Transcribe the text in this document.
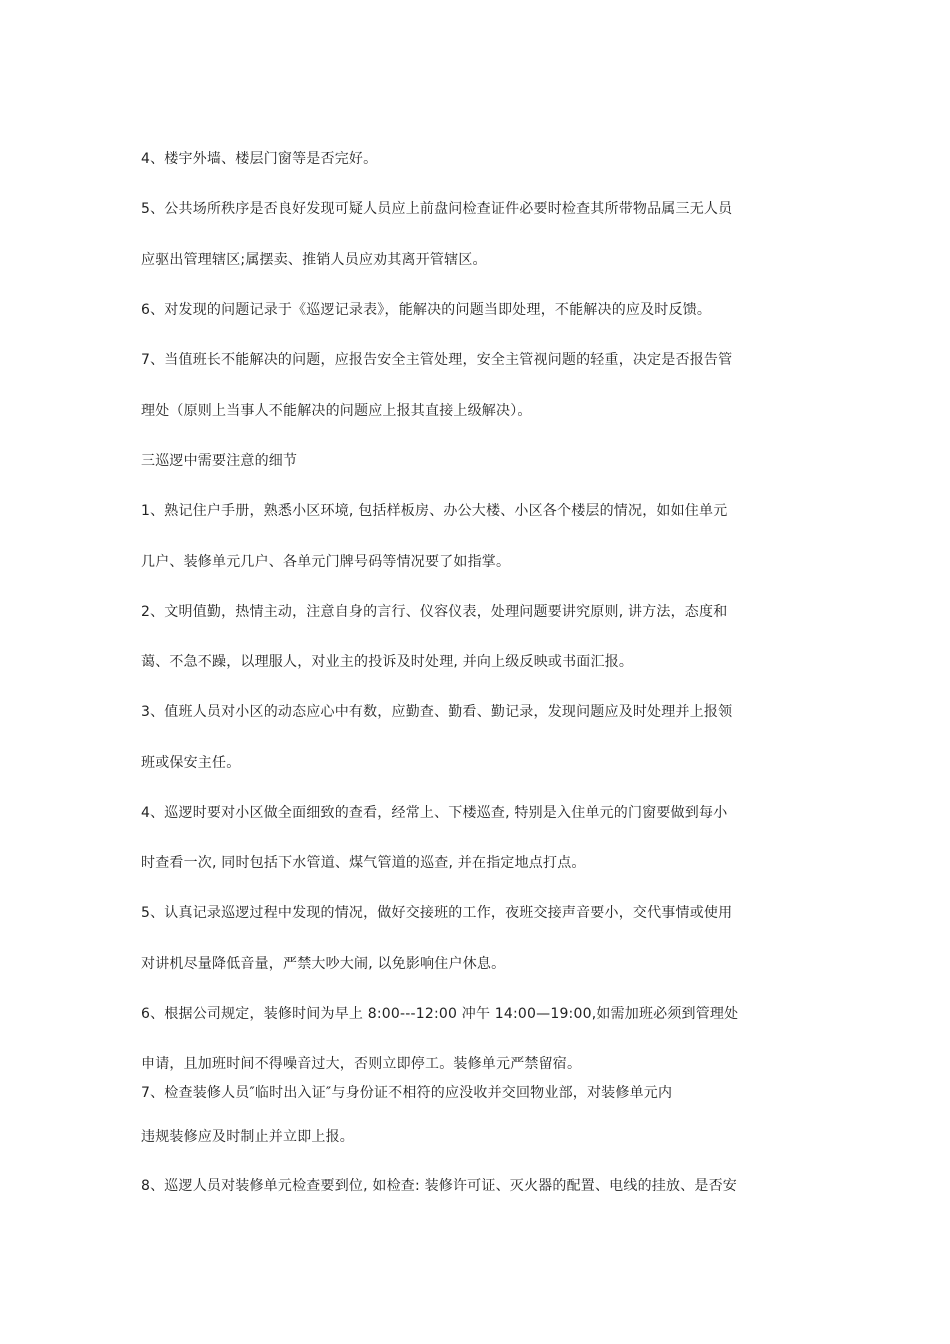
4、楼宇外墙、楼层门窗等是否完好。
5、公共场所秩序是否良好发现可疑人员应上前盘问检查证件必要时检查其所带物品属三无人员
应驱出管理辖区;属摆卖、推销人员应劝其离开管辖区。
6、对发现的问题记录于《巡逻记录表》，能解决的问题当即处理，不能解决的应及时反馈。
7、当值班长不能解决的问题，应报告安全主管处理，安全主管视问题的轻重，决定是否报告管
理处（原则上当事人不能解决的问题应上报其直接上级解决）。
三巡逻中需要注意的细节
1、熟记住户手册，熟悉小区环境, 包括样板房、办公大楼、小区各个楼层的情况，如如住单元
几户、装修单元几户、各单元门牌号码等情况要了如指掌。
2、文明值勤，热情主动，注意自身的言行、仪容仪表，处理问题要讲究原则, 讲方法，态度和
蔼、不急不躁，以理服人，对业主的投诉及时处理, 并向上级反映或书面汇报。
3、值班人员对小区的动态应心中有数，应勤查、勤看、勤记录，发现问题应及时处理并上报领
班或保安主任。
4、巡逻时要对小区做全面细致的查看，经常上、下楼巡查, 特别是入住单元的门窗要做到每小
时查看一次, 同时包括下水管道、煤气管道的巡查, 并在指定地点打点。
5、认真记录巡逻过程中发现的情况，做好交接班的工作，夜班交接声音要小，交代事情或使用
对讲机尽量降低音量，严禁大吵大闹, 以免影响住户休息。
6、根据公司规定，装修时间为早上 8:00---12:00 冲午 14:00—19:00,如需加班必须到管理处
申请，且加班时间不得噪音过大，否则立即停工。装修单元严禁留宿。
7、检查装修人员″临时出入证″与身份证不相符的应没收并交回物业部，对装修单元内
违规装修应及时制止并立即上报。
8、巡逻人员对装修单元检查要到位, 如检查: 装修许可证、灭火器的配置、电线的挂放、是否安
